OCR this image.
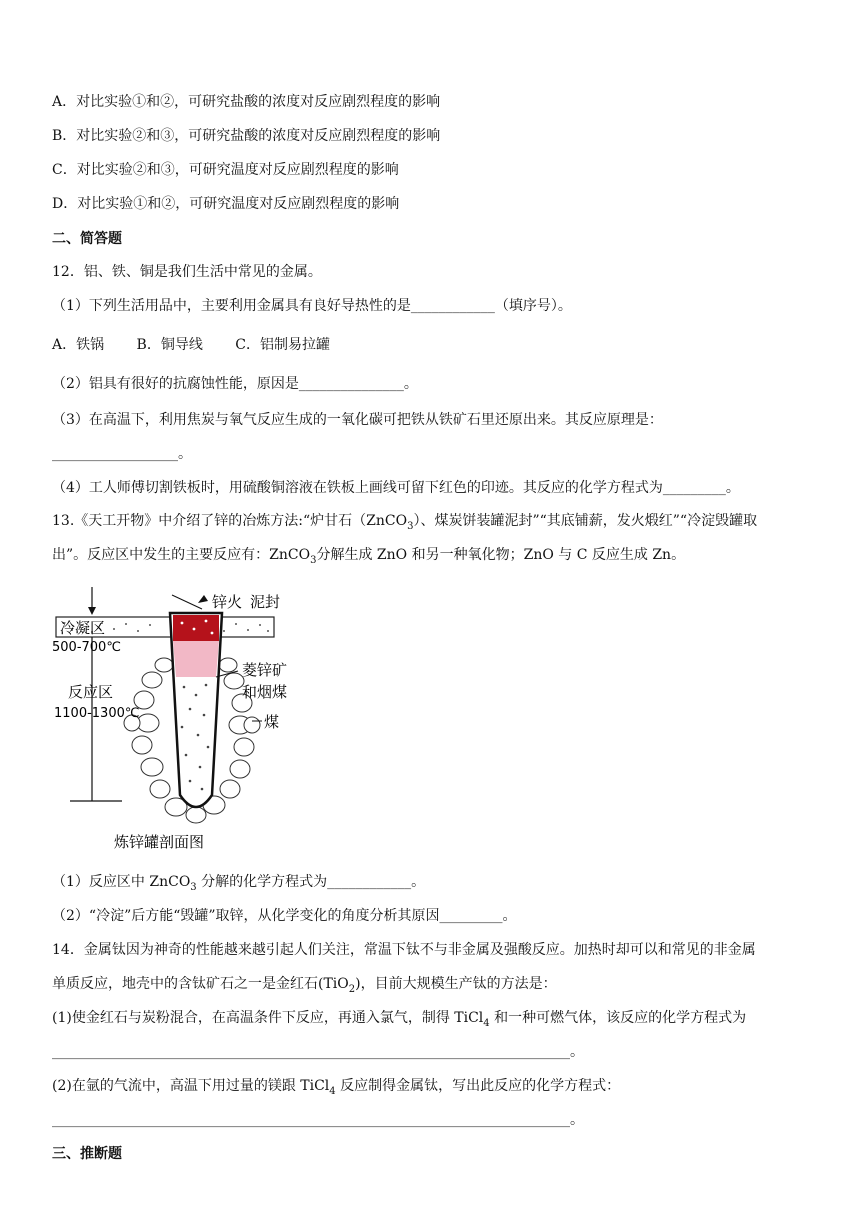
A．对比实验①和②，可研究盐酸的浓度对反应剧烈程度的影响
B．对比实验②和③，可研究盐酸的浓度对反应剧烈程度的影响
C．对比实验②和③，可研究温度对反应剧烈程度的影响
D．对比实验①和②，可研究温度对反应剧烈程度的影响
二、简答题
12．铝、铁、铜是我们生活中常见的金属。
（1）下列生活用品中，主要利用金属具有良好导热性的是____________（填序号）。
A．铁锅　　 B．铜导线　　 C．铝制易拉罐
（2）铝具有很好的抗腐蚀性能，原因是_______________。
（3）在高温下，利用焦炭与氧气反应生成的一氧化碳可把铁从铁矿石里还原出来。其反应原理是：
__________________。
（4）工人师傅切割铁板时，用硫酸铜溶液在铁板上画线可留下红色的印迹。其反应的化学方程式为_________。
13.《天工开物》中介绍了锌的冶炼方法:“炉甘石（ZnCO$_3$）、煤炭饼装罐泥封”“其底铺薪，发火煅红”“冷淀毁罐取
出”。反应区中发生的主要反应有：ZnCO$_3$分解生成 ZnO 和另一种氧化物；ZnO 与 C 反应生成 Zn。
锌火 泥封
冷凝区
500-700℃
反应区
1100-1300℃
菱锌矿
和烟煤
煤
炼锌罐剖面图
（1）反应区中 ZnCO$_3$ 分解的化学方程式为____________。
（2）“冷淀”后方能“毁罐”取锌，从化学变化的角度分析其原因_________。
14．金属钛因为神奇的性能越来越引起人们关注，常温下钛不与非金属及强酸反应。加热时却可以和常见的非金属
单质反应，地壳中的含钛矿石之一是金红石(TiO$_2$)，目前大规模生产钛的方法是：
(1)使金红石与炭粉混合，在高温条件下反应，再通入氯气，制得 TiCl$_4$ 和一种可燃气体，该反应的化学方程式为
__________________________________________________________________________。
(2)在氩的气流中，高温下用过量的镁跟 TiCl$_4$ 反应制得金属钛，写出此反应的化学方程式：
__________________________________________________________________________。
三、推断题
